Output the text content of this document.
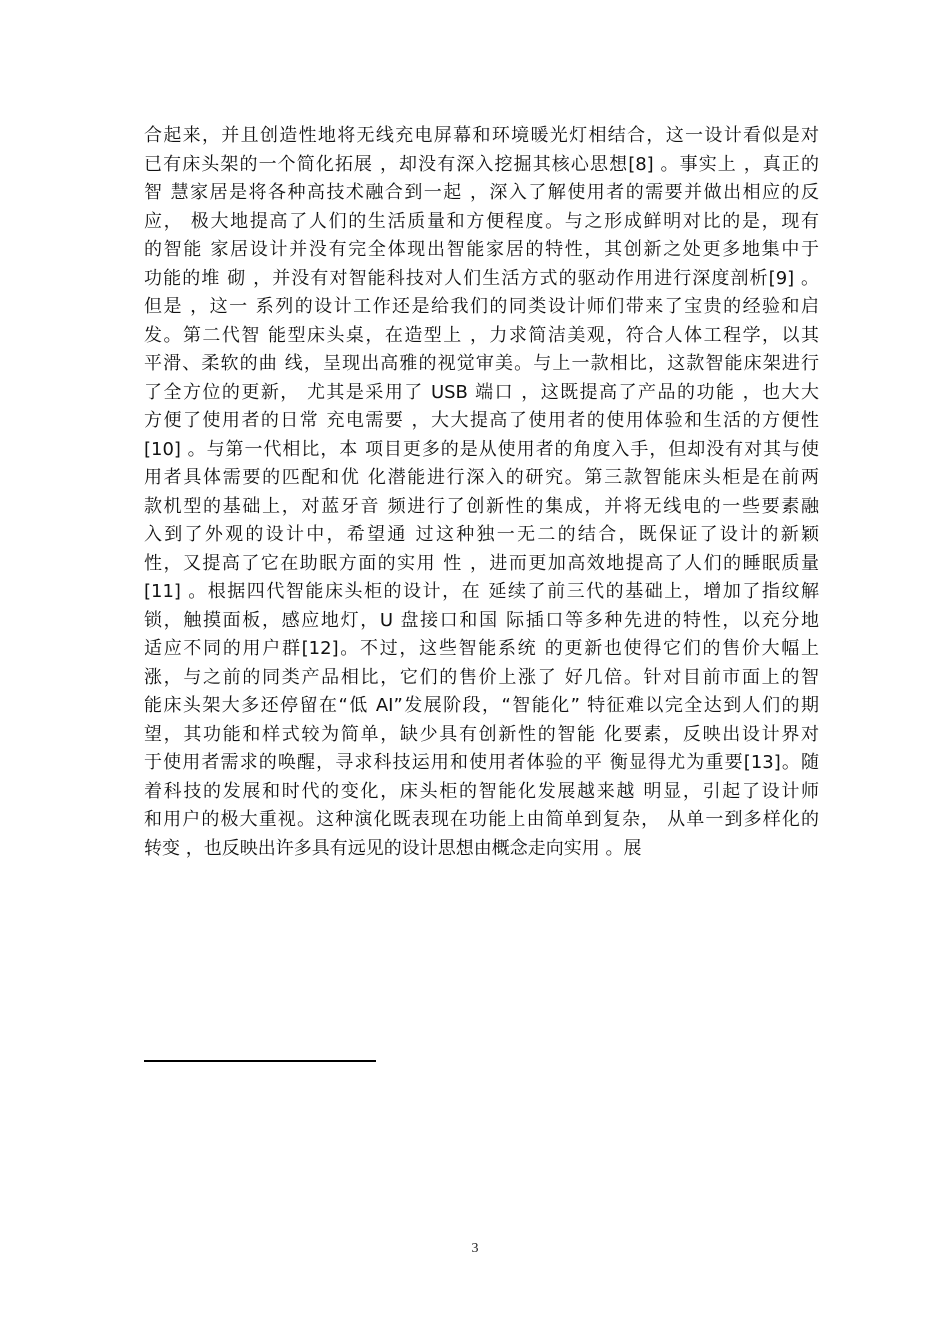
合起来，并且创造性地将无线充电屏幕和环境暖光灯相结合，这一设计看似是对
已有床头架的一个简化拓展 ，却没有深入挖掘其核心思想[8] 。事实上 ，真正的
智 慧家居是将各种高技术融合到一起 ，深入了解使用者的需要并做出相应的反
应， 极大地提高了人们的生活质量和方便程度。与之形成鲜明对比的是，现有
的智能 家居设计并没有完全体现出智能家居的特性，其创新之处更多地集中于
功能的堆 砌 ，并没有对智能科技对人们生活方式的驱动作用进行深度剖析[9] 。
但是 ，这一 系列的设计工作还是给我们的同类设计师们带来了宝贵的经验和启
发。第二代智 能型床头桌，在造型上 ，力求简洁美观，符合人体工程学，以其
平滑、柔软的曲 线，呈现出高雅的视觉审美。与上一款相比，这款智能床架进行
了全方位的更新， 尤其是采用了 USB 端口 ，这既提高了产品的功能 ，也大大
方便了使用者的日常 充电需要 ，大大提高了使用者的使用体验和生活的方便性
[10] 。与第一代相比，本 项目更多的是从使用者的角度入手，但却没有对其与使
用者具体需要的匹配和优 化潜能进行深入的研究。第三款智能床头柜是在前两
款机型的基础上，对蓝牙音 频进行了创新性的集成，并将无线电的一些要素融
入到了外观的设计中，希望通 过这种独一无二的结合，既保证了设计的新颖
性，又提高了它在助眠方面的实用 性 ，进而更加高效地提高了人们的睡眠质量
[11] 。根据四代智能床头柜的设计，在 延续了前三代的基础上，增加了指纹解
锁，触摸面板，感应地灯，U 盘接口和国 际插口等多种先进的特性，以充分地
适应不同的用户群[12]。不过，这些智能系统 的更新也使得它们的售价大幅上
涨，与之前的同类产品相比，它们的售价上涨了 好几倍。针对目前市面上的智
能床头架大多还停留在“低 AI”发展阶段，“智能化” 特征难以完全达到人们的期
望，其功能和样式较为简单，缺少具有创新性的智能 化要素，反映出设计界对
于使用者需求的唤醒，寻求科技运用和使用者体验的平 衡显得尤为重要[13]。随
着科技的发展和时代的变化，床头柜的智能化发展越来越 明显，引起了设计师
和用户的极大重视。这种演化既表现在功能上由简单到复杂， 从单一到多样化的
转变 ，也反映出许多具有远见的设计思想由概念走向实用 。展
3
